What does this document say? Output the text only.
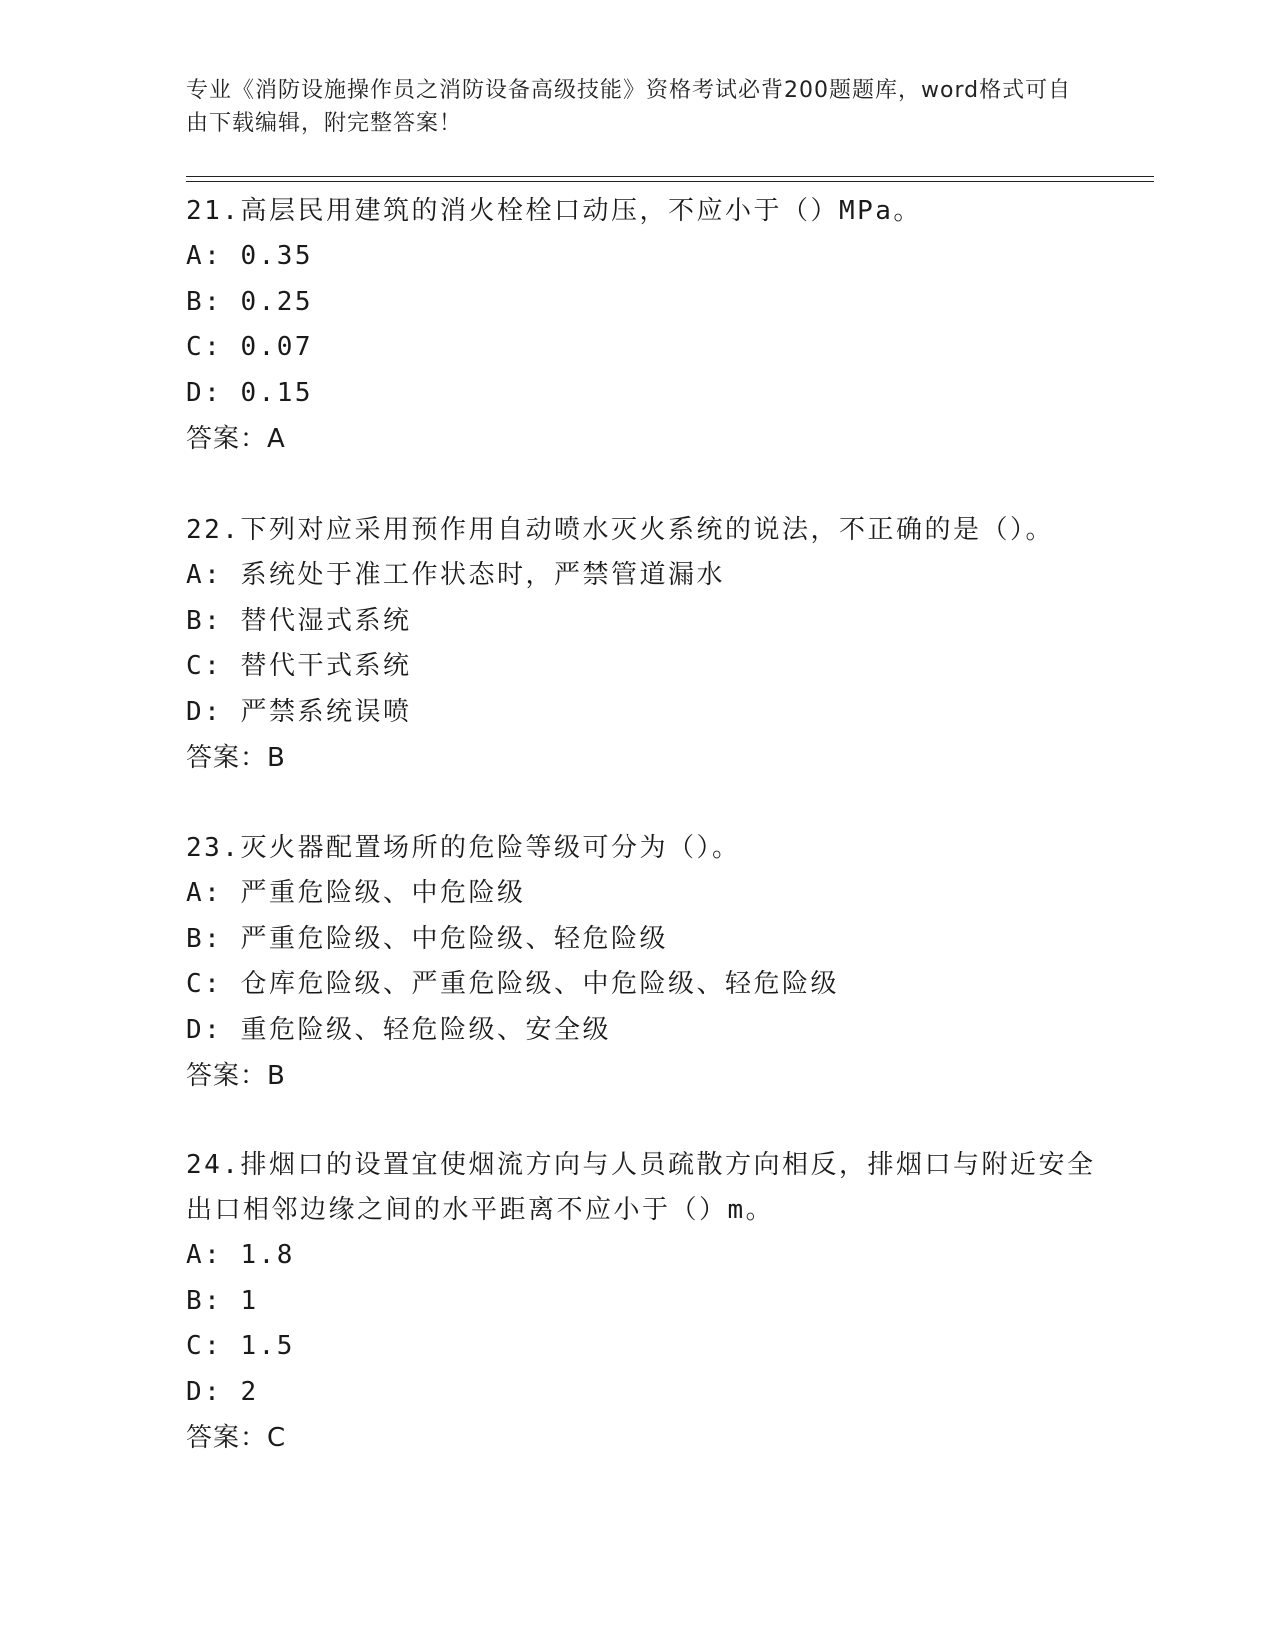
专业《消防设施操作员之消防设备高级技能》资格考试必背200题题库，word格式可自由下载编辑，附完整答案！

21.高层民用建筑的消火栓栓口动压，不应小于（）MPa。

A: 0.35

B: 0.25

C: 0.07

D: 0.15

答案：A

22.下列对应采用预作用自动喷水灭火系统的说法，不正确的是（）。

A: 系统处于准工作状态时，严禁管道漏水

B: 替代湿式系统

C: 替代干式系统

D: 严禁系统误喷

答案：B

23.灭火器配置场所的危险等级可分为（）。

A: 严重危险级、中危险级

B: 严重危险级、中危险级、轻危险级

C: 仓库危险级、严重危险级、中危险级、轻危险级

D: 重危险级、轻危险级、安全级

答案：B

24.排烟口的设置宜使烟流方向与人员疏散方向相反，排烟口与附近安全出口相邻边缘之间的水平距离不应小于（）m。

A: 1.8

B: 1

C: 1.5

D: 2

答案：C
